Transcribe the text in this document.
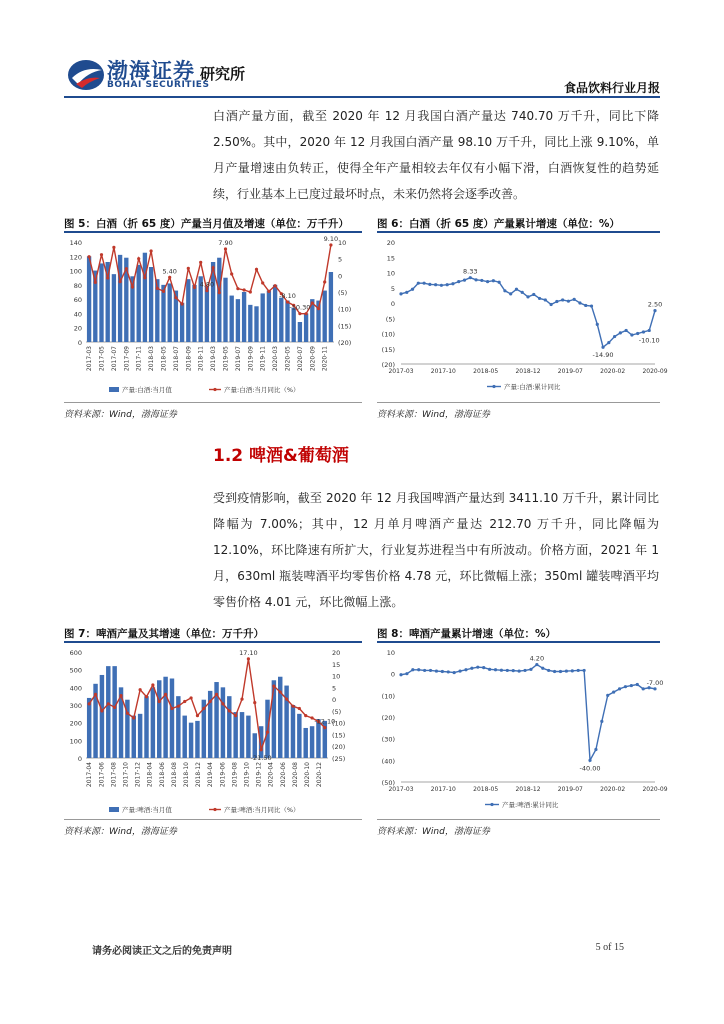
渤海证券
BOHAI SECURITIES
研究所
食品饮料行业月报
白酒产量方面，截至 2020 年 12 月我国白酒产量达 740.70 万千升，同比下降 2.50%。其中，2020 年 12 月我国白酒产量 98.10 万千升，同比上涨 9.10%，单月产量增速由负转正，使得全年产量相较去年仅有小幅下滑，白酒恢复性的趋势延续，行业基本上已度过最坏时点，未来仍然将会逐季改善。
图 5：白酒（折 65 度）产量当月值及增速（单位：万千升）	图 6：白酒（折 65 度）产量累计增速（单位：%）
0
20
40
60
80
100
120
140
(20)
(15)
(10)
(5)
0
5
10
2017-03 2017-05 2017-07 2017-09 2017-11 2018-03 2018-05 2018-07 2018-09 2018-11 2019-03 2019-05 2019-07 2019-09 2019-11 2020-03 2020-05 2020-07 2020-09 2020-11
产量:白酒:当月值	产量:白酒:当月同比（%）
7.90
5.40
4.80
9.10
-10.30
-8.10
20
15
10
5
0
(5)
(10)
(15)
(20)
2017-03	2017-10	2018-05	2018-12	2019-07	2020-02	2020-09
产量:白酒:累计同比
8.33
2.50
-14.90
-10.10
资料来源：Wind，渤海证券	资料来源：Wind，渤海证券
1.2 啤酒&葡萄酒
受到疫情影响，截至 2020 年 12 月我国啤酒产量达到 3411.10 万千升，累计同比降幅为 7.00%；其中，12 月单月啤酒产量达 212.70 万千升，同比降幅为 12.10%，环比降速有所扩大，行业复苏进程当中有所波动。价格方面，2021 年 1 月，630ml 瓶装啤酒平均零售价格 4.78 元，环比微幅上涨；350ml 罐装啤酒平均零售价格 4.01 元，环比微幅上涨。
图 7：啤酒产量及其增速（单位：万千升）	图 8：啤酒产量累计增速（单位：%）
0
100
200
300
400
500
600
(25)
(20)
(15)
(10)
(5)
0
5
10
15
20
2017-04 2017-06 2017-08 2017-10 2017-12 2018-04 2018-06 2018-08 2018-10 2018-12 2019-04 2019-06 2019-08 2019-10 2019-12 2020-04 2020-06 2020-08 2020-10 2020-12
产量:啤酒:当月值	产量:啤酒:当月同比（%）
17.10
-21.50
-12.10
10
0
(10)
(20)
(30)
(40)
(50)
2017-03	2017-10	2018-05	2018-12	2019-07	2020-02	2020-09
产量:啤酒:累计同比
4.20
-40.00
-7.00
资料来源：Wind，渤海证券	资料来源：Wind，渤海证券
请务必阅读正文之后的免责声明	5 of 15
